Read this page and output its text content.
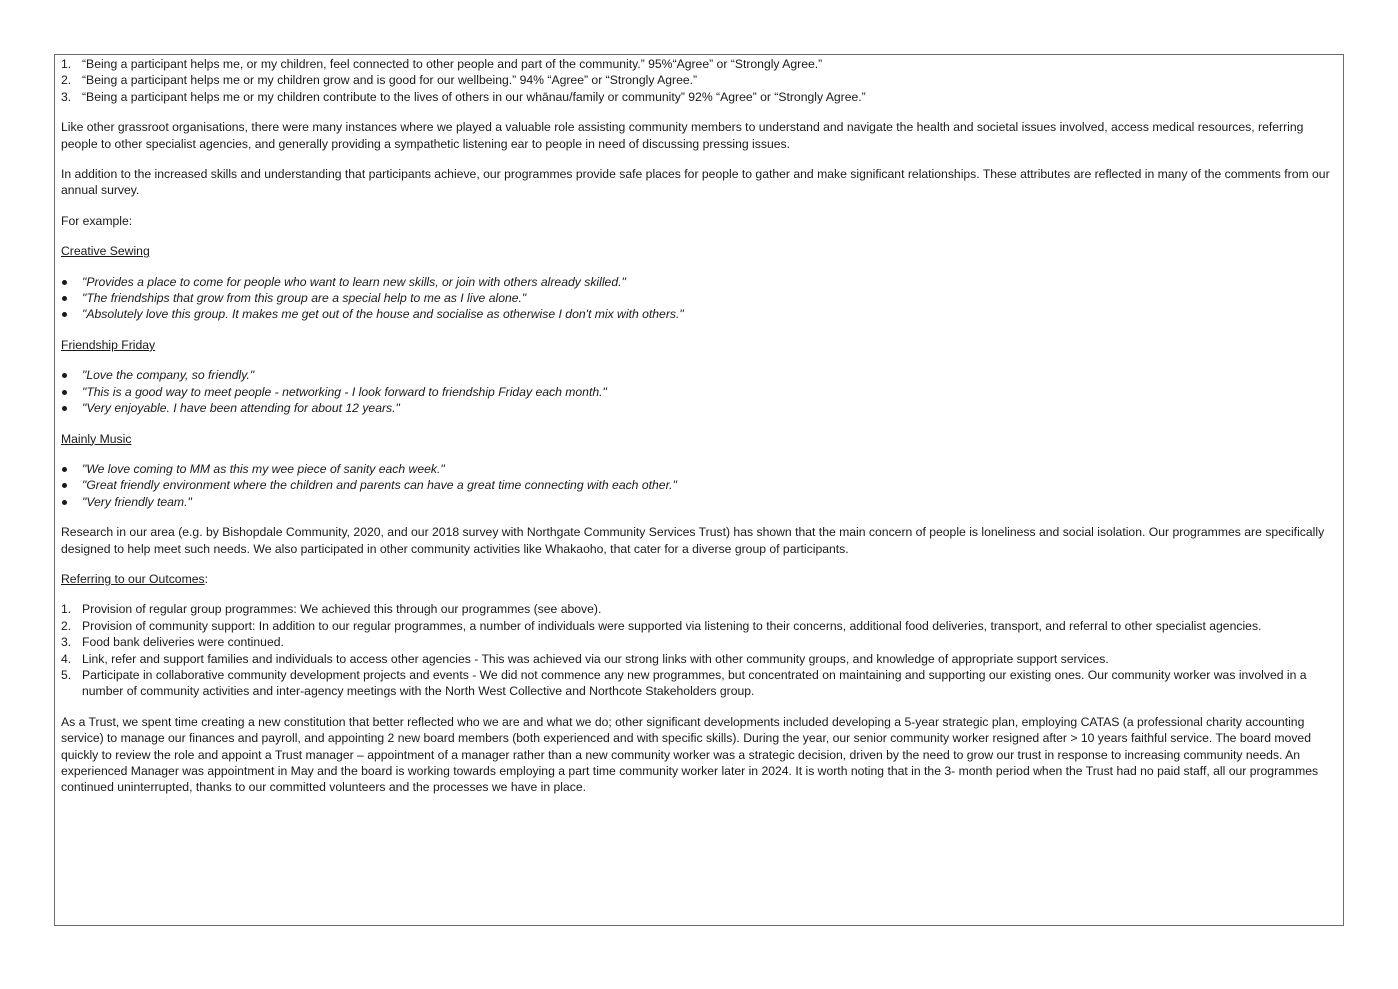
1. “Being a participant helps me, or my children, feel connected to other people and part of the community.” 95%“Agree” or “Strongly Agree.”
2. “Being a participant helps me or my children grow and is good for our wellbeing.” 94% “Agree” or “Strongly Agree.”
3. “Being a participant helps me or my children contribute to the lives of others in our whānau/family or community” 92% “Agree” or “Strongly Agree.”

Like other grassroot organisations, there were many instances where we played a valuable role assisting community members to understand and navigate the health and societal issues involved, access medical resources, referring people to other specialist agencies, and generally providing a sympathetic listening ear to people in need of discussing pressing issues.

In addition to the increased skills and understanding that participants achieve, our programmes provide safe places for people to gather and make significant relationships. These attributes are reflected in many of the comments from our annual survey.

For example:

Creative Sewing
"Provides a place to come for people who want to learn new skills, or join with others already skilled."
"The friendships that grow from this group are a special help to me as I live alone."
"Absolutely love this group. It makes me get out of the house and socialise as otherwise I don't mix with others."
Friendship Friday
"Love the company, so friendly."
"This is a good way to meet people - networking - I look forward to friendship Friday each month."
"Very enjoyable. I have been attending for about 12 years."
Mainly Music
"We love coming to MM as this my wee piece of sanity each week."
"Great friendly environment where the children and parents can have a great time connecting with each other."
"Very friendly team."

Research in our area (e.g. by Bishopdale Community, 2020, and our 2018 survey with Northgate Community Services Trust) has shown that the main concern of people is loneliness and social isolation. Our programmes are specifically designed to help meet such needs. We also participated in other community activities like Whakaoho, that cater for a diverse group of participants.

Referring to our Outcomes:

1. Provision of regular group programmes: We achieved this through our programmes (see above).
2. Provision of community support: In addition to our regular programmes, a number of individuals were supported via listening to their concerns, additional food deliveries, transport, and referral to other specialist agencies.
3. Food bank deliveries were continued.
4. Link, refer and support families and individuals to access other agencies - This was achieved via our strong links with other community groups, and knowledge of appropriate support services.
5. Participate in collaborative community development projects and events - We did not commence any new programmes, but concentrated on maintaining and supporting our existing ones. Our community worker was involved in a number of community activities and inter-agency meetings with the North West Collective and Northcote Stakeholders group.

As a Trust, we spent time creating a new constitution that better reflected who we are and what we do; other significant developments included developing a 5-year strategic plan, employing CATAS (a professional charity accounting service) to manage our finances and payroll, and appointing 2 new board members (both experienced and with specific skills). During the year, our senior community worker resigned after > 10 years faithful service. The board moved quickly to review the role and appoint a Trust manager – appointment of a manager rather than a new community worker was a strategic decision, driven by the need to grow our trust in response to increasing community needs. An experienced Manager was appointment in May and the board is working towards employing a part time community worker later in 2024. It is worth noting that in the 3- month period when the Trust had no paid staff, all our programmes continued uninterrupted, thanks to our committed volunteers and the processes we have in place.
